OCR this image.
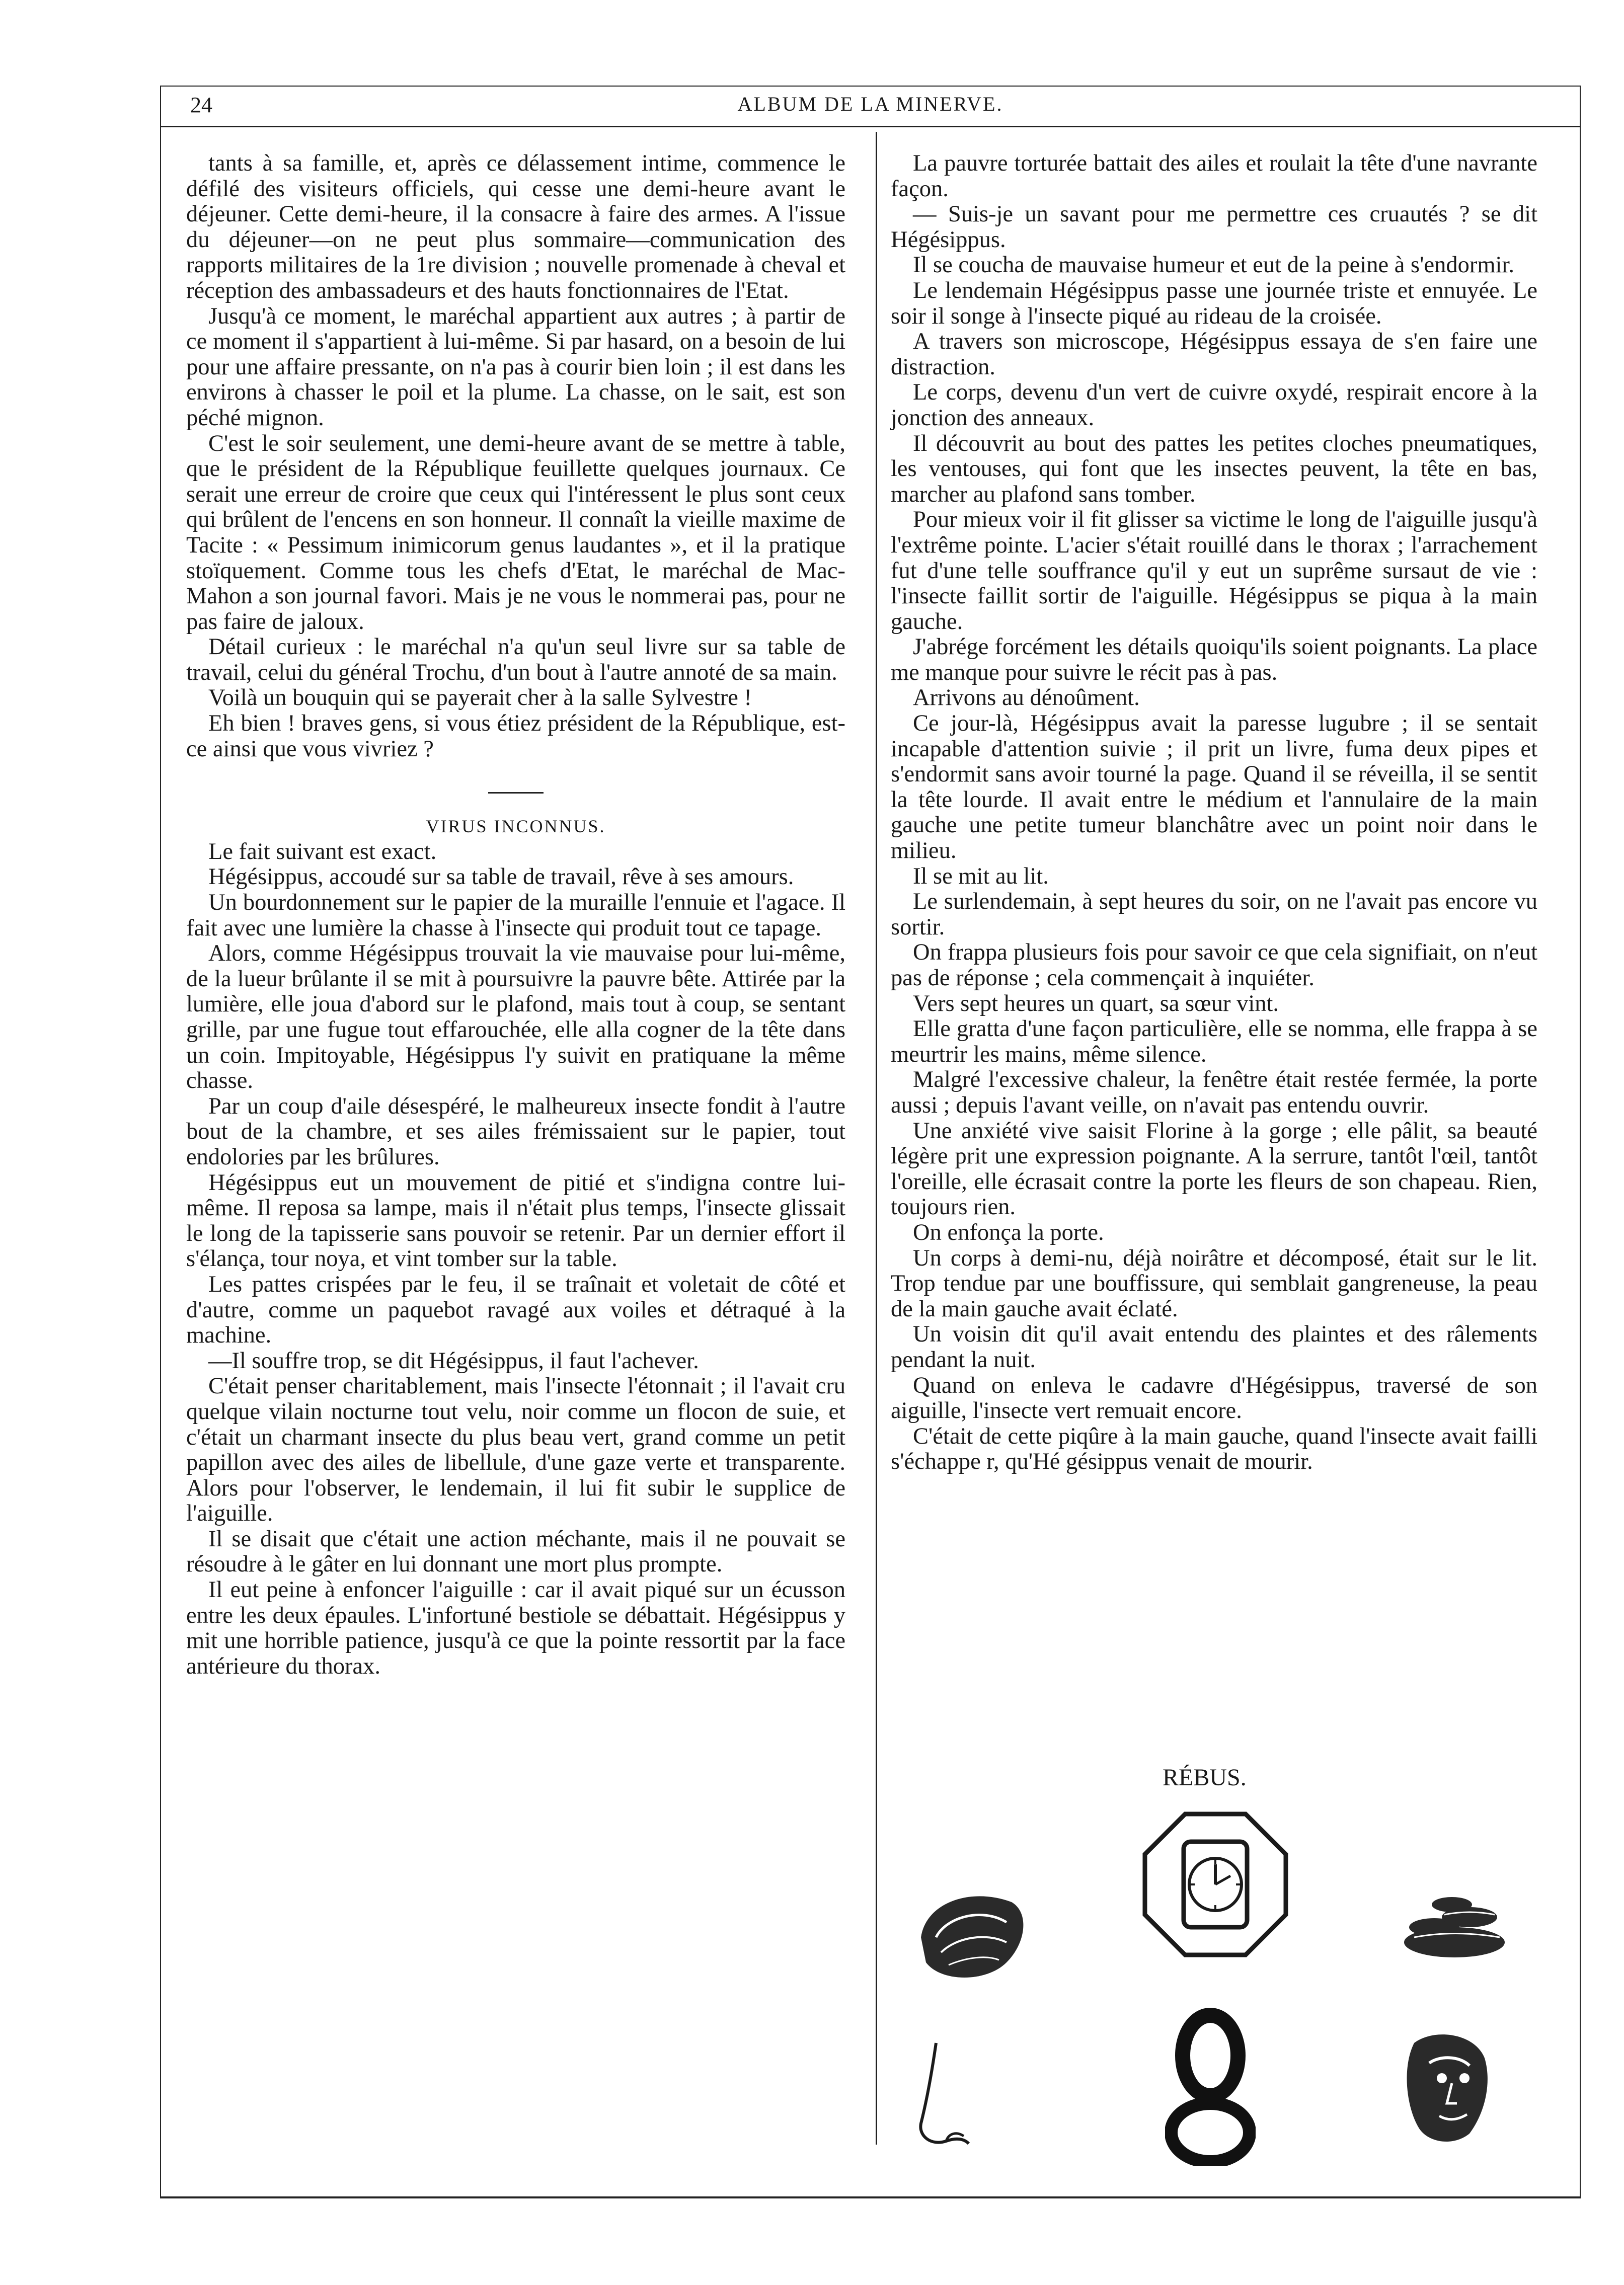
24	ALBUM DE LA MINERVE.

tants à sa famille, et, après ce délassement intime, commence le défilé des visiteurs officiels, qui cesse une demi-heure avant le déjeuner. Cette demi-heure, il la consacre à faire des armes. A l'issue du déjeuner—on ne peut plus sommaire—communication des rapports militaires de la 1re division ; nouvelle promenade à cheval et réception des ambassadeurs et des hauts fonctionnaires de l'Etat.

Jusqu'à ce moment, le maréchal appartient aux autres ; à partir de ce moment il s'appartient à lui-même. Si par hasard, on a besoin de lui pour une affaire pressante, on n'a pas à courir bien loin ; il est dans les environs à chasser le poil et la plume. La chasse, on le sait, est son péché mignon.

C'est le soir seulement, une demi-heure avant de se mettre à table, que le président de la République feuillette quelques journaux. Ce serait une erreur de croire que ceux qui l'intéressent le plus sont ceux qui brûlent de l'encens en son honneur. Il connaît la vieille maxime de Tacite : « Pessimum inimicorum genus laudantes », et il la pratique stoïquement. Comme tous les chefs d'Etat, le maréchal de Mac-Mahon a son journal favori. Mais je ne vous le nommerai pas, pour ne pas faire de jaloux.

Détail curieux : le maréchal n'a qu'un seul livre sur sa table de travail, celui du général Trochu, d'un bout à l'autre annoté de sa main.

Voilà un bouquin qui se payerait cher à la salle Sylvestre !

Eh bien ! braves gens, si vous étiez président de la République, est-ce ainsi que vous vivriez ?

VIRUS INCONNUS.

Le fait suivant est exact.

Hégésippus, accoudé sur sa table de travail, rêve à ses amours.

Un bourdonnement sur le papier de la muraille l'ennuie et l'agace. Il fait avec une lumière la chasse à l'insecte qui produit tout ce tapage.

Alors, comme Hégésippus trouvait la vie mauvaise pour lui-même, de la lueur brûlante il se mit à poursuivre la pauvre bête. Attirée par la lumière, elle joua d'abord sur le plafond, mais tout à coup, se sentant grille, par une fugue tout effarouchée, elle alla cogner de la tête dans un coin. Impitoyable, Hégésippus l'y suivit en pratiquane la même chasse.

Par un coup d'aile désespéré, le malheureux insecte fondit à l'autre bout de la chambre, et ses ailes frémissaient sur le papier, tout endolories par les brûlures.

Hégésippus eut un mouvement de pitié et s'indigna contre lui-même. Il reposa sa lampe, mais il n'était plus temps, l'insecte glissait le long de la tapisserie sans pouvoir se retenir. Par un dernier effort il s'élança, tour noya, et vint tomber sur la table.

Les pattes crispées par le feu, il se traînait et voletait de côté et d'autre, comme un paquebot ravagé aux voiles et détraqué à la machine.

—Il souffre trop, se dit Hégésippus, il faut l'achever.

C'était penser charitablement, mais l'insecte l'étonnait ; il l'avait cru quelque vilain nocturne tout velu, noir comme un flocon de suie, et c'était un charmant insecte du plus beau vert, grand comme un petit papillon avec des ailes de libellule, d'une gaze verte et transparente. Alors pour l'observer, le lendemain, il lui fit subir le supplice de l'aiguille.

Il se disait que c'était une action méchante, mais il ne pouvait se résoudre à le gâter en lui donnant une mort plus prompte.

Il eut peine à enfoncer l'aiguille : car il avait piqué sur un écusson entre les deux épaules. L'infortuné bestiole se débattait. Hégésippus y mit une horrible patience, jusqu'à ce que la pointe ressortit par la face antérieure du thorax.

La pauvre torturée battait des ailes et roulait la tête d'une navrante façon.

— Suis-je un savant pour me permettre ces cruautés ? se dit Hégésippus.

Il se coucha de mauvaise humeur et eut de la peine à s'endormir.

Le lendemain Hégésippus passe une journée triste et ennuyée. Le soir il songe à l'insecte piqué au rideau de la croisée.

A travers son microscope, Hégésippus essaya de s'en faire une distraction.

Le corps, devenu d'un vert de cuivre oxydé, respirait encore à la jonction des anneaux.

Il découvrit au bout des pattes les petites cloches pneumatiques, les ventouses, qui font que les insectes peuvent, la tête en bas, marcher au plafond sans tomber.

Pour mieux voir il fit glisser sa victime le long de l'aiguille jusqu'à l'extrême pointe. L'acier s'était rouillé dans le thorax ; l'arrachement fut d'une telle souffrance qu'il y eut un suprême sursaut de vie : l'insecte faillit sortir de l'aiguille. Hégésippus se piqua à la main gauche.

J'abrége forcément les détails quoiqu'ils soient poignants. La place me manque pour suivre le récit pas à pas.

Arrivons au dénoûment.

Ce jour-là, Hégésippus avait la paresse lugubre ; il se sentait incapable d'attention suivie ; il prit un livre, fuma deux pipes et s'endormit sans avoir tourné la page. Quand il se réveilla, il se sentit la tête lourde. Il avait entre le médium et l'annulaire de la main gauche une petite tumeur blanchâtre avec un point noir dans le milieu.

Il se mit au lit.

Le surlendemain, à sept heures du soir, on ne l'avait pas encore vu sortir.

On frappa plusieurs fois pour savoir ce que cela signifiait, on n'eut pas de réponse ; cela commençait à inquiéter.

Vers sept heures un quart, sa sœur vint.

Elle gratta d'une façon particulière, elle se nomma, elle frappa à se meurtrir les mains, même silence.

Malgré l'excessive chaleur, la fenêtre était restée fermée, la porte aussi ; depuis l'avant veille, on n'avait pas entendu ouvrir.

Une anxiété vive saisit Florine à la gorge ; elle pâlit, sa beauté légère prit une expression poignante. A la serrure, tantôt l'œil, tantôt l'oreille, elle écrasait contre la porte les fleurs de son chapeau. Rien, toujours rien.

On enfonça la porte.

Un corps à demi-nu, déjà noirâtre et décomposé, était sur le lit. Trop tendue par une bouffissure, qui semblait gangreneuse, la peau de la main gauche avait éclaté.

Un voisin dit qu'il avait entendu des plaintes et des râlements pendant la nuit.

Quand on enleva le cadavre d'Hégésippus, traversé de son aiguille, l'insecte vert remuait encore.

C'était de cette piqûre à la main gauche, quand l'insecte avait failli s'échappe r, qu'Hé gésippus venait de mourir.

RÉBUS.
